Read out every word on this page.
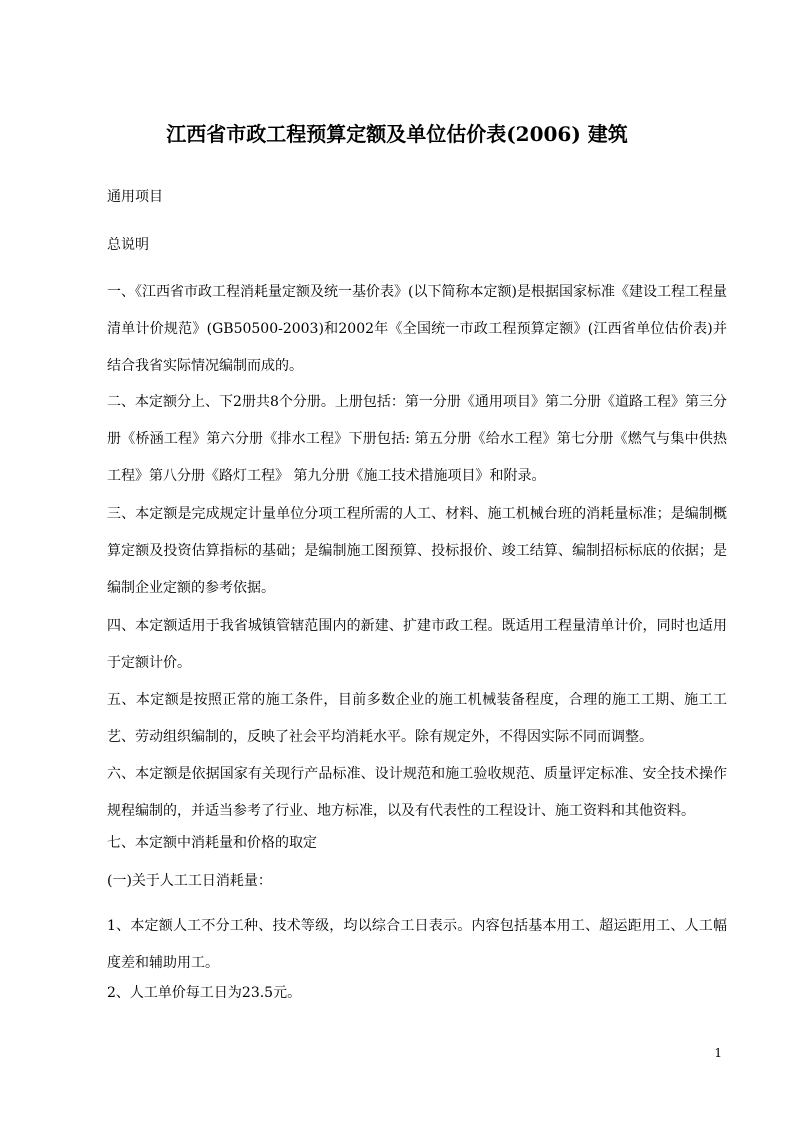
江西省市政工程预算定额及单位估价表(2006) 建筑

通用项目

总说明

一、《江西省市政工程消耗量定额及统一基价表》(以下简称本定额)是根据国家标准《建设工程工程量清单计价规范》(GB50500-2003)和2002年《全国统一市政工程预算定额》(江西省单位估价表)并结合我省实际情况编制而成的。

二、本定额分上、下2册共8个分册。上册包括：第一分册《通用项目》第二分册《道路工程》第三分册《桥涵工程》第六分册《排水工程》下册包括: 第五分册《给水工程》第七分册《燃气与集中供热工程》第八分册《路灯工程》 第九分册《施工技术措施项目》和附录。

三、本定额是完成规定计量单位分项工程所需的人工、材料、施工机械台班的消耗量标准；是编制概算定额及投资估算指标的基础；是编制施工图预算、投标报价、竣工结算、编制招标标底的依据；是编制企业定额的参考依据。

四、本定额适用于我省城镇管辖范围内的新建、扩建市政工程。既适用工程量清单计价，同时也适用于定额计价。

五、本定额是按照正常的施工条件，目前多数企业的施工机械装备程度，合理的施工工期、施工工艺、劳动组织编制的，反映了社会平均消耗水平。除有规定外，不得因实际不同而调整。

六、本定额是依据国家有关现行产品标准、设计规范和施工验收规范、质量评定标准、安全技术操作规程编制的，并适当参考了行业、地方标准，以及有代表性的工程设计、施工资料和其他资料。

七、本定额中消耗量和价格的取定

(一)关于人工工日消耗量：

1、本定额人工不分工种、技术等级，均以综合工日表示。内容包括基本用工、超运距用工、人工幅度差和辅助用工。

2、人工单价每工日为23.5元。

1
